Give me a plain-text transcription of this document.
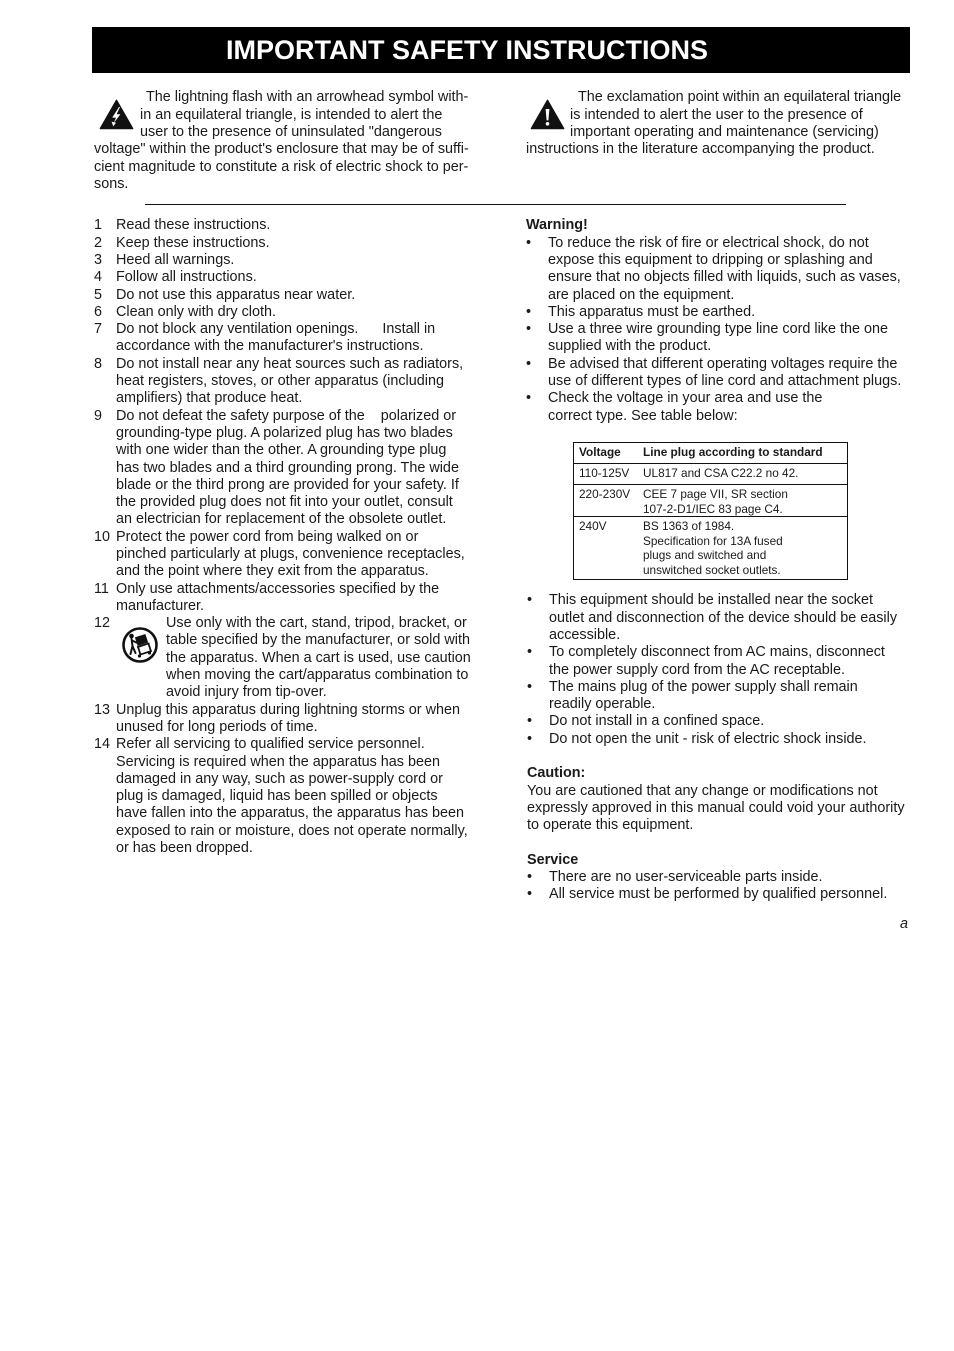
IMPORTANT SAFETY INSTRUCTIONS
The lightning flash with an arrowhead symbol with-
in an equilateral triangle, is intended to alert the
user to the presence of uninsulated "dangerous
voltage" within the product's enclosure that may be of suffi-
cient magnitude to constitute a risk of electric shock to per-
sons.
The exclamation point within an equilateral triangle
is intended to alert the user to the presence of
important operating and maintenance (servicing)
instructions in the literature accompanying the product.
1 Read these instructions.
2 Keep these instructions.
3 Heed all warnings.
4 Follow all instructions.
5 Do not use this apparatus near water.
6 Clean only with dry cloth.
7 Do not block any ventilation openings.      Install in
accordance with the manufacturer's instructions.
8 Do not install near any heat sources such as radiators,
heat registers, stoves, or other apparatus (including
amplifiers) that produce heat.
9 Do not defeat the safety purpose of the    polarized or
grounding-type plug. A polarized plug has two blades
with one wider than the other. A grounding type plug
has two blades and a third grounding prong. The wide
blade or the third prong are provided for your safety. If
the provided plug does not fit into your outlet, consult
an electrician for replacement of the obsolete outlet.
10 Protect the power cord from being walked on or
pinched particularly at plugs, convenience receptacles,
and the point where they exit from the apparatus.
11 Only use attachments/accessories specified by the
manufacturer.
12	Use only with the cart, stand, tripod, bracket, or
table specified by the manufacturer, or sold with
the apparatus. When a cart is used, use caution
when moving the cart/apparatus combination to
avoid injury from tip-over.
13 Unplug this apparatus during lightning storms or when
unused for long periods of time.
14 Refer all servicing to qualified service personnel.
Servicing is required when the apparatus has been
damaged in any way, such as power-supply cord or
plug is damaged, liquid has been spilled or objects
have fallen into the apparatus, the apparatus has been
exposed to rain or moisture, does not operate normally,
or has been dropped.
Warning!
• To reduce the risk of fire or electrical shock, do not
expose this equipment to dripping or splashing and
ensure that no objects filled with liquids, such as vases,
are placed on the equipment.
• This apparatus must be earthed.
• Use a three wire grounding type line cord like the one
supplied with the product.
• Be advised that different operating voltages require the
use of different types of line cord and attachment plugs.
• Check the voltage in your area and use the
correct type. See table below:
Voltage	Line plug according to standard
110-125V	UL817 and CSA C22.2 no 42.
220-230V	CEE 7 page VII, SR section
107-2-D1/IEC 83 page C4.
240V	BS 1363 of 1984.
Specification for 13A fused
plugs and switched and
unswitched socket outlets.
• This equipment should be installed near the socket
outlet and disconnection of the device should be easily
accessible.
• To completely disconnect from AC mains, disconnect
the power supply cord from the AC receptable.
• The mains plug of the power supply shall remain
readily operable.
• Do not install in a confined space.
• Do not open the unit - risk of electric shock inside.
Caution:
You are cautioned that any change or modifications not
expressly approved in this manual could void your authority
to operate this equipment.
Service
• There are no user-serviceable parts inside.
• All service must be performed by qualified personnel.
a
